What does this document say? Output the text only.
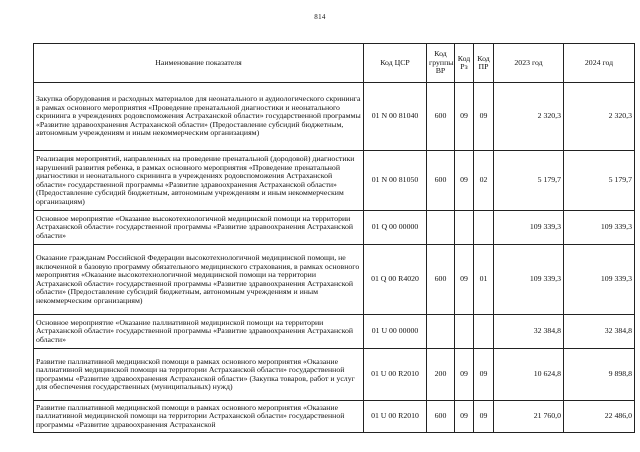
814
Наименование показателя	Код ЦСР	Код группы ВР	Код Рз	Код ПР	2023 год	2024 год
Закупка оборудования и расходных материалов для неонатального и аудиологического скрининга в рамках основного мероприятия «Проведение пренатальной диагностики и неонатального скрининга в учреждениях родовспоможения Астраханской области» государственной программы «Развитие здравоохранения Астраханской области» (Предоставление субсидий бюджетным, автономным учреждениям и иным некоммерческим организациям)	01 N 00 81040	600	09	09	2 320,3	2 320,3
Реализация мероприятий, направленных на проведение пренатальной (дородовой) диагностики нарушений развития ребенка, в рамках основного мероприятия «Проведение пренатальной диагностики и неонатального скрининга в учреждениях родовспоможения Астраханской области» государственной программы «Развитие здравоохранения Астраханской области» (Предоставление субсидий бюджетным, автономным учреждениям и иным некоммерческим организациям)	01 N 00 81050	600	09	02	5 179,7	5 179,7
Основное мероприятие «Оказание высокотехнологичной медицинской помощи на территории Астраханской области» государственной программы «Развитие здравоохранения Астраханской области»	01 Q 00 00000				109 339,3	109 339,3
Оказание гражданам Российской Федерации высокотехнологичной медицинской помощи, не включенной в базовую программу обязательного медицинского страхования, в рамках основного мероприятия «Оказание высокотехнологичной медицинской помощи на территории Астраханской области» государственной программы «Развитие здравоохранения Астраханской области» (Предоставление субсидий бюджетным, автономным учреждениям и иным некоммерческим организациям)	01 Q 00 R4020	600	09	01	109 339,3	109 339,3
Основное мероприятие «Оказание паллиативной медицинской помощи на территории Астраханской области» государственной программы «Развитие здравоохранения Астраханской области»	01 U 00 00000				32 384,8	32 384,8
Развитие паллиативной медицинской помощи в рамках основного мероприятия «Оказание паллиативной медицинской помощи на территории Астраханской области» государственной программы «Развитие здравоохранения Астраханской области» (Закупка товаров, работ и услуг для обеспечения государственных (муниципальных) нужд)	01 U 00 R2010	200	09	09	10 624,8	9 898,8
Развитие паллиативной медицинской помощи в рамках основного мероприятия «Оказание паллиативной медицинской помощи на территории Астраханской области» государственной программы «Развитие здравоохранения Астраханской	01 U 00 R2010	600	09	09	21 760,0	22 486,0
